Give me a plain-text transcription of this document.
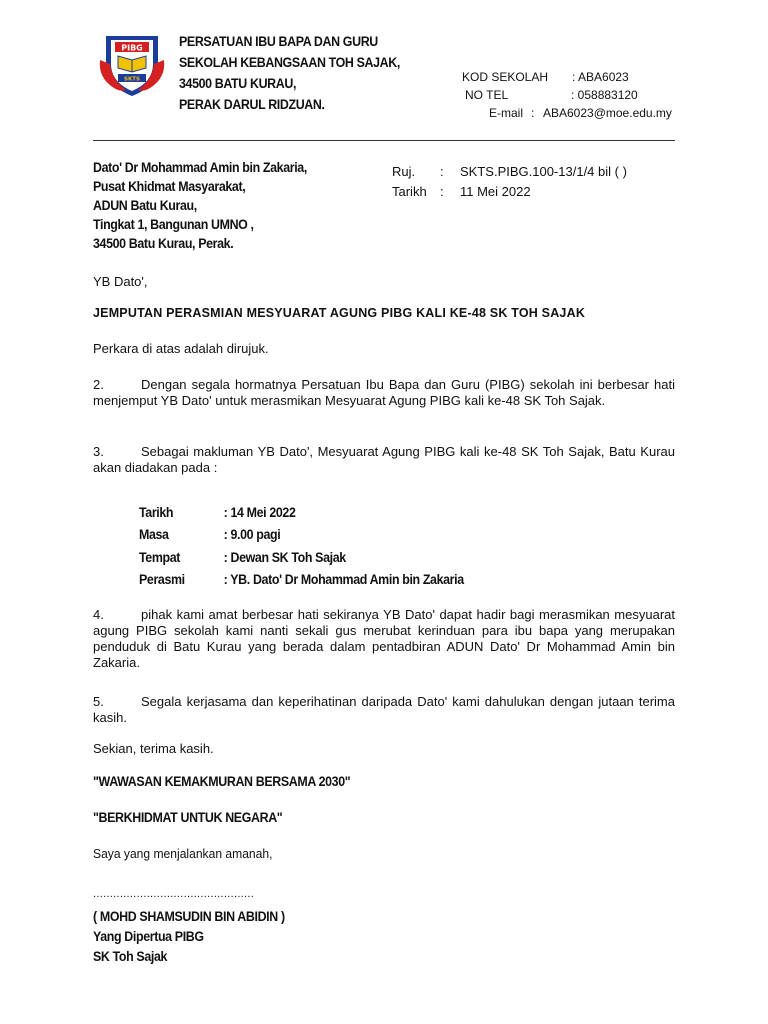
PIBG
SKTS
PERSATUAN IBU BAPA DAN GURU
SEKOLAH KEBANGSAAN TOH SAJAK,
34500 BATU KURAU,
PERAK DARUL RIDZUAN.
KOD SEKOLAH : ABA6023
NO TEL	: 058883120
E-mail : ABA6023@moe.edu.my
Dato' Dr Mohammad Amin bin Zakaria,
Pusat Khidmat Masyarakat,
ADUN Batu Kurau,
Tingkat 1, Bangunan UMNO ,
34500 Batu Kurau, Perak.
Ruj. : SKTS.PIBG.100-13/1/4 bil ( )
Tarikh : 11 Mei 2022
YB Dato',
JEMPUTAN PERASMIAN MESYUARAT AGUNG PIBG KALI KE-48 SK TOH SAJAK
Perkara di atas adalah dirujuk.
2.	Dengan segala hormatnya Persatuan Ibu Bapa dan Guru (PIBG) sekolah ini berbesar hati menjemput YB Dato' untuk merasmikan Mesyuarat Agung PIBG kali ke-48 SK Toh Sajak.
3.	Sebagai makluman YB Dato', Mesyuarat Agung PIBG kali ke-48 SK Toh Sajak, Batu Kurau akan diadakan pada :
Tarikh	: 14 Mei 2022
Masa	: 9.00 pagi
Tempat	: Dewan SK Toh Sajak
Perasmi	: YB. Dato' Dr Mohammad Amin bin Zakaria
4.	pihak kami amat berbesar hati sekiranya YB Dato' dapat hadir bagi merasmikan mesyuarat agung PIBG sekolah kami nanti sekali gus merubat kerinduan para ibu bapa yang merupakan penduduk di Batu Kurau yang berada dalam pentadbiran ADUN Dato' Dr Mohammad Amin bin Zakaria.
5.	Segala kerjasama dan keperihatinan daripada Dato' kami dahulukan dengan jutaan terima kasih.
Sekian, terima kasih.
"WAWASAN KEMAKMURAN BERSAMA 2030"
"BERKHIDMAT UNTUK NEGARA"
Saya yang menjalankan amanah,
................................................
( MOHD SHAMSUDIN BIN ABIDIN )
Yang Dipertua PIBG
SK Toh Sajak
